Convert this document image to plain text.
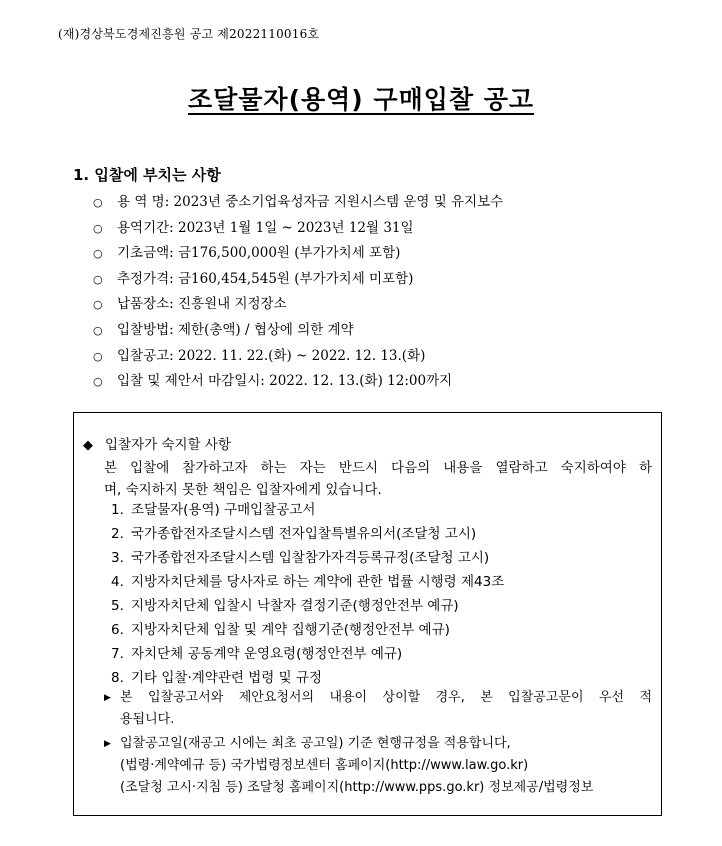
(재)경상북도경제진흥원 공고 제2022110016호
조달물자(용역) 구매입찰 공고
1. 입찰에 부치는 사항
○ 용 역 명: 2023년 중소기업육성자금 지원시스템 운영 및 유지보수
○ 용역기간: 2023년 1월 1일 ~ 2023년 12월 31일
○ 기초금액: 금176,500,000원 (부가가치세 포함)
○ 추정가격: 금160,454,545원 (부가가치세 미포함)
○ 납품장소: 진흥원내 지정장소
○ 입찰방법: 제한(총액) / 협상에 의한 계약
○ 입찰공고: 2022. 11. 22.(화) ~ 2022. 12. 13.(화)
○ 입찰 및 제안서 마감일시: 2022. 12. 13.(화) 12:00까지
◆ 입찰자가 숙지할 사항
본 입찰에 참가하고자 하는 자는 반드시 다음의 내용을 열람하고 숙지하여야 하
며, 숙지하지 못한 책임은 입찰자에게 있습니다.
1. 조달물자(용역) 구매입찰공고서
2. 국가종합전자조달시스템 전자입찰특별유의서(조달청 고시)
3. 국가종합전자조달시스템 입찰참가자격등록규정(조달청 고시)
4. 지방자치단체를 당사자로 하는 계약에 관한 법률 시행령 제43조
5. 지방자치단체 입찰시 낙찰자 결정기준(행정안전부 예규)
6. 지방자치단체 입찰 및 계약 집행기준(행정안전부 예규)
7. 자치단체 공동계약 운영요령(행정안전부 예규)
8. 기타 입찰·계약관련 법령 및 규정
▶ 본 입찰공고서와 제안요청서의 내용이 상이할 경우, 본 입찰공고문이 우선 적
용됩니다.
▶ 입찰공고일(재공고 시에는 최초 공고일) 기준 현행규정을 적용합니다,
(법령·계약예규 등) 국가법령정보센터 홈페이지(http://www.law.go.kr)
(조달청 고시·지침 등) 조달청 홈페이지(http://www.pps.go.kr) 정보제공/법령정보
